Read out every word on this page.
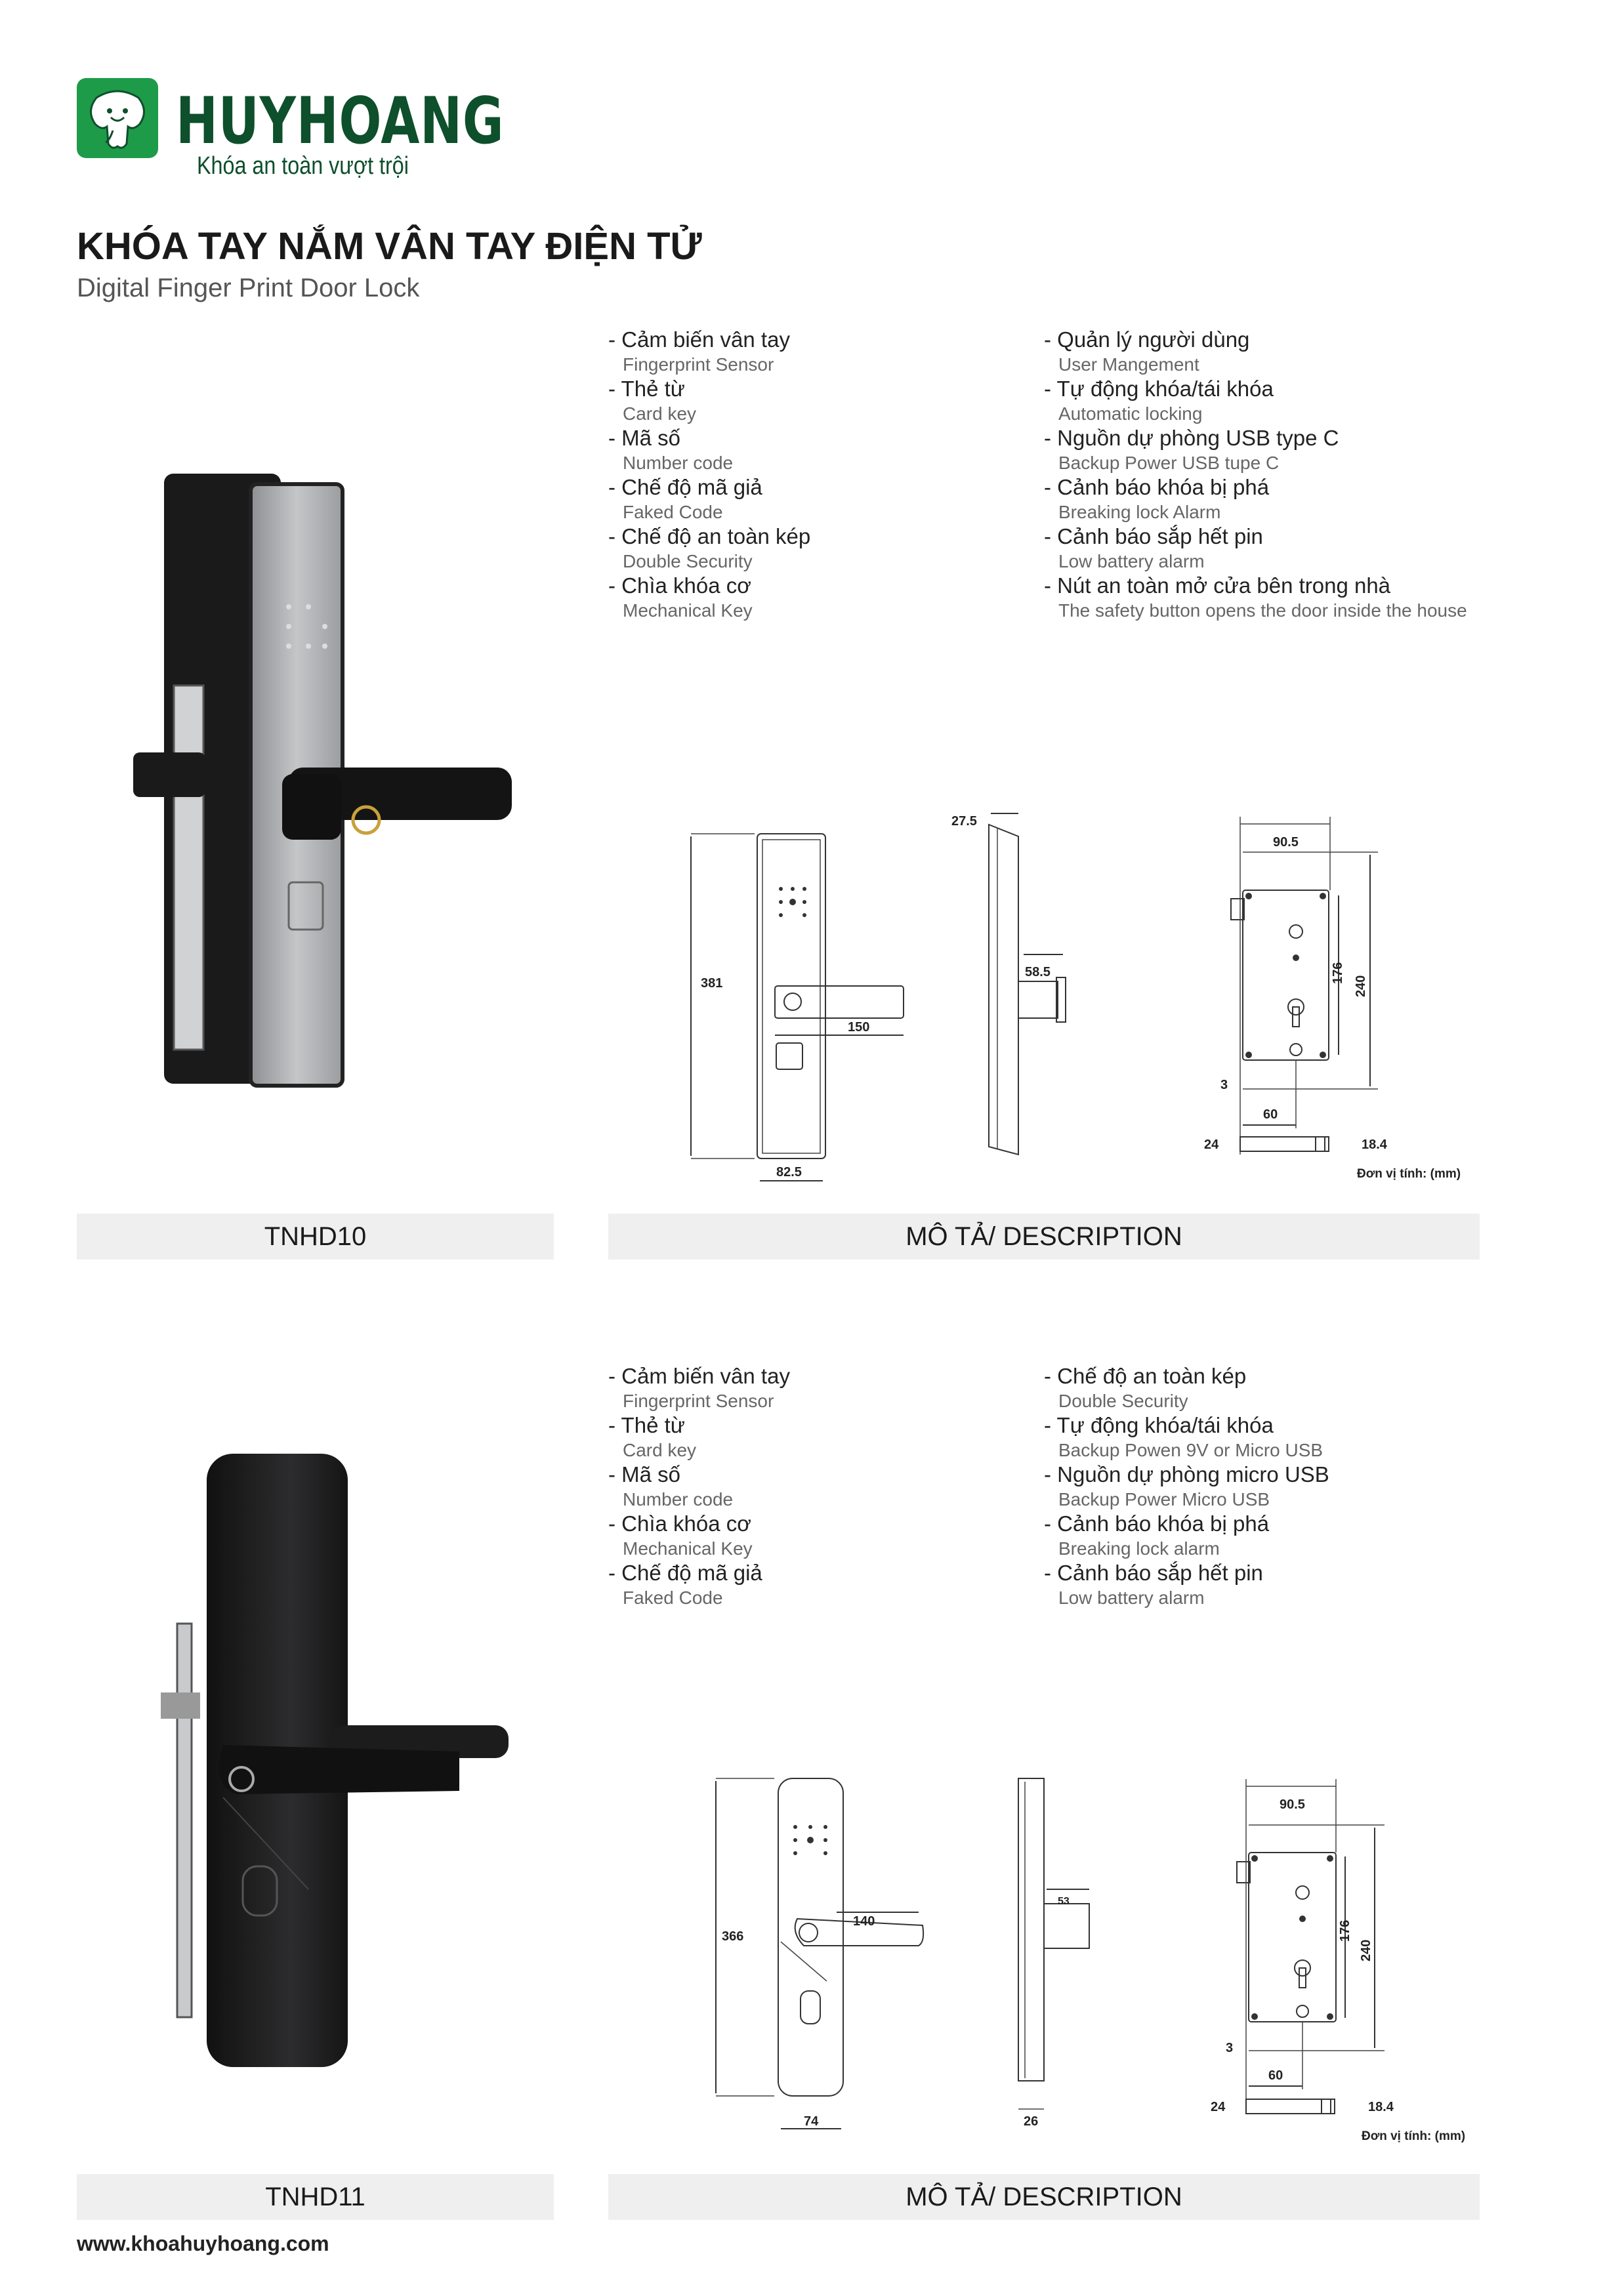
HUYHOANG
Khóa an toàn vượt trội
KHÓA TAY NẮM VÂN TAY ĐIỆN TỬ
Digital Finger Print Door Lock
- Cảm biến vân tay
Fingerprint Sensor
- Thẻ từ
Card key
- Mã số
Number code
- Chế độ mã giả
Faked Code
- Chế độ an toàn kép
Double Security
- Chìa khóa cơ
Mechanical Key
- Quản lý người dùng
User Mangement
- Tự động khóa/tái khóa
Automatic locking
- Nguồn dự phòng USB type C
Backup Power USB tupe C
- Cảnh báo khóa bị phá
Breaking lock Alarm
- Cảnh báo sắp hết pin
Low battery alarm
- Nút an toàn mở cửa bên trong nhà
The safety button opens the door inside the house
- Cảm biến vân tay
Fingerprint Sensor
- Thẻ từ
Card key
- Mã số
Number code
- Chìa khóa cơ
Mechanical Key
- Chế độ mã giả
Faked Code
- Chế độ an toàn kép
Double Security
- Tự động khóa/tái khóa
Backup Powen 9V or Micro USB
- Nguồn dự phòng micro USB
Backup Power Micro USB
- Cảnh báo khóa bị phá
Breaking lock alarm
- Cảnh báo sắp hết pin
Low battery alarm
381
150
82.5
27.5
58.5
90.5
176
240
3
60
24	18.4
Đơn vị tính: (mm)
366
140
74
53
26
90.5
176
240
3
60
24	18.4
Đơn vị tính: (mm)
TNHD10	MÔ TẢ/ DESCRIPTION
TNHD11	MÔ TẢ/ DESCRIPTION
www.khoahuyhoang.com
